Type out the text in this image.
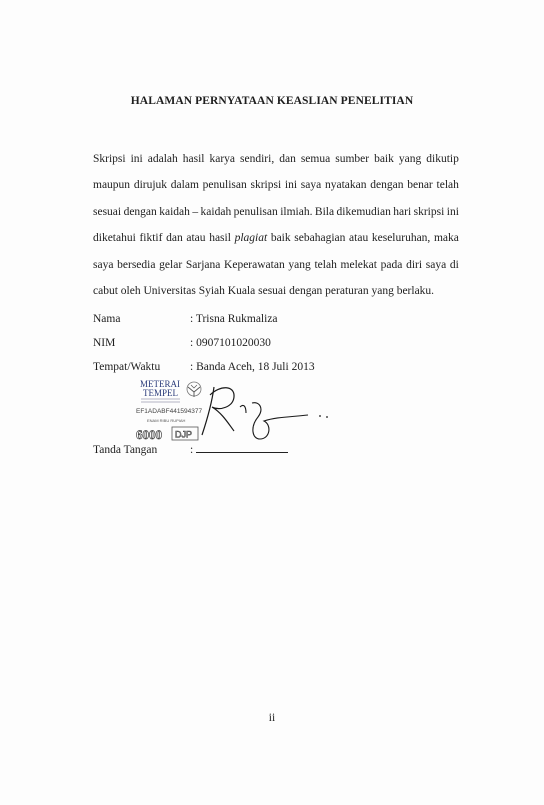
HALAMAN PERNYATAAN KEASLIAN PENELITIAN
Skripsi ini adalah hasil karya sendiri, dan semua sumber baik yang dikutip
maupun dirujuk dalam penulisan skripsi ini saya nyatakan dengan benar telah
sesuai dengan kaidah – kaidah penulisan ilmiah. Bila dikemudian hari skripsi ini
diketahui fiktif dan atau hasil plagiat baik sebahagian atau keseluruhan, maka
saya bersedia gelar Sarjana Keperawatan yang telah melekat pada diri saya di
cabut oleh Universitas Syiah Kuala sesuai dengan peraturan yang berlaku.
Nama	: Trisna Rukmaliza
NIM	: 0907101020030
Tempat/Waktu	: Banda Aceh, 18 Juli 2013
METERAI
TEMPEL
EF1ADABF441594377
ENAM RIBU RUPIAH
6000 DJP
Tanda Tangan	:
ii
